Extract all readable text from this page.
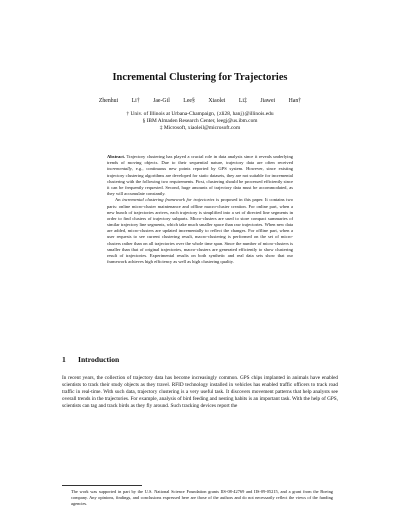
Incremental Clustering for Trajectories
Zhenhui Li† Jae-Gil Lee§ Xiaolei Li‡ Jiawei Han†
† Univ. of Illinois at Urbana-Champaign, {zli28, hanj}@illinois.edu
§ IBM Almaden Research Center, leegj@us.ibm.com
‡ Microsoft, xiaoleil@microsoft.com

Abstract. Trajectory clustering has played a crucial role in data analysis since it reveals underlying trends of moving objects. Due to their sequential nature, trajectory data are often received incrementally, e.g., continuous new points reported by GPS system. However, since existing trajectory clustering algorithms are developed for static datasets, they are not suitable for incremental clustering with the following two requirements. First, clustering should be processed efficiently since it can be frequently requested. Second, huge amounts of trajectory data must be accommodated, as they will accumulate constantly.

An incremental clustering framework for trajectories is proposed in this paper. It contains two parts: online micro-cluster maintenance and offline macro-cluster creation. For online part, when a new bunch of trajectories arrives, each trajectory is simplified into a set of directed line segments in order to find clusters of trajectory subparts. Micro-clusters are used to store compact summaries of similar trajectory line segments, which take much smaller space than raw trajectories. When new data are added, micro-clusters are updated incrementally to reflect the changes. For offline part, when a user requests to see current clustering result, macro-clustering is performed on the set of micro-clusters rather than on all trajectories over the whole time span. Since the number of micro-clusters is smaller than that of original trajectories, macro-clusters are generated efficiently to show clustering result of trajectories. Experimental results on both synthetic and real data sets show that our framework achieves high efficiency as well as high clustering quality.

1 Introduction

In recent years, the collection of trajectory data has become increasingly common. GPS chips implanted in animals have enabled scientists to track their study objects as they travel. RFID technology installed in vehicles has enabled traffic officers to track road traffic in real-time. With such data, trajectory clustering is a very useful task. It discovers movement patterns that help analysts see overall trends in the trajectories. For example, analysis of bird feeding and nesting habits is an important task. With the help of GPS, scientists can tag and track birds as they fly around. Such tracking devices report the

The work was supported in part by the U.S. National Science Foundation grants IIS-08-42769 and IIS-09-05215, and a grant from the Boeing company. Any opinions, findings, and conclusions expressed here are those of the authors and do not necessarily reflect the views of the funding agencies.
